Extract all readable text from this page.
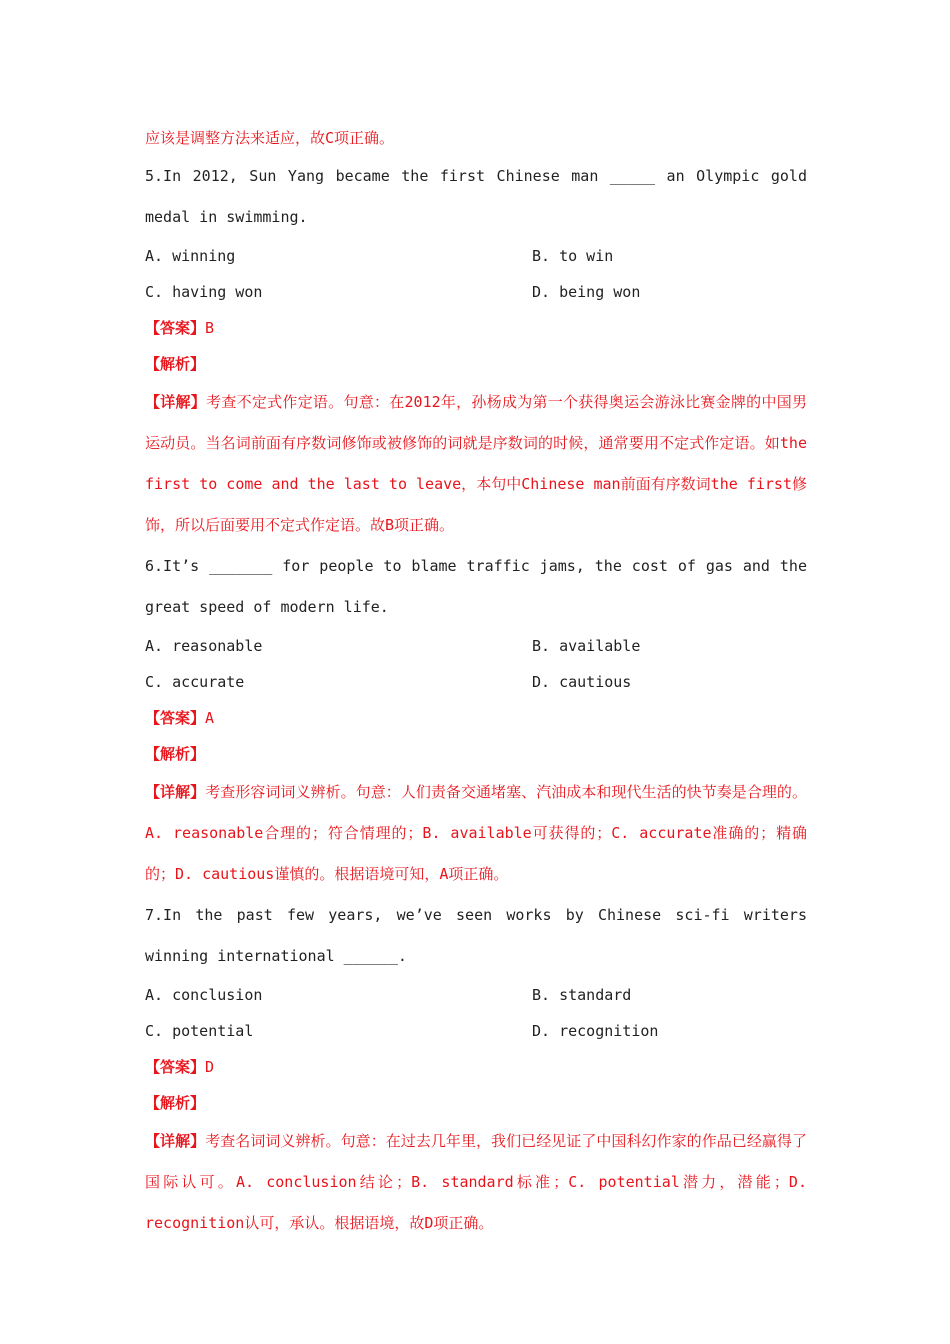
应该是调整方法来适应，故C项正确。
5.In 2012, Sun Yang became the first Chinese man _____ an Olympic gold medal in swimming.
A. winning	B. to win
C. having won	D. being won
【答案】B
【解析】
【详解】考查不定式作定语。句意：在2012年，孙杨成为第一个获得奥运会游泳比赛金牌的中国男运动员。当名词前面有序数词修饰或被修饰的词就是序数词的时候，通常要用不定式作定语。如the first to come and the last to leave，本句中Chinese man前面有序数词the first修饰，所以后面要用不定式作定语。故B项正确。
6.It’s _______ for people to blame traffic jams, the cost of gas and the great speed of modern life.
A. reasonable	B. available
C. accurate	D. cautious
【答案】A
【解析】
【详解】考查形容词词义辨析。句意：人们责备交通堵塞、汽油成本和现代生活的快节奏是合理的。A. reasonable合理的；符合情理的；B. available可获得的；C. accurate准确的；精确的；D. cautious谨慎的。根据语境可知，A项正确。
7.In the past few years, we’ve seen works by Chinese sci-fi writers winning international ______.
A. conclusion	B. standard
C. potential	D. recognition
【答案】D
【解析】
【详解】考查名词词义辨析。句意：在过去几年里，我们已经见证了中国科幻作家的作品已经赢得了国际认可。A. conclusion结论；B. standard标准；C. potential潜力，潜能；D. recognition认可，承认。根据语境，故D项正确。
